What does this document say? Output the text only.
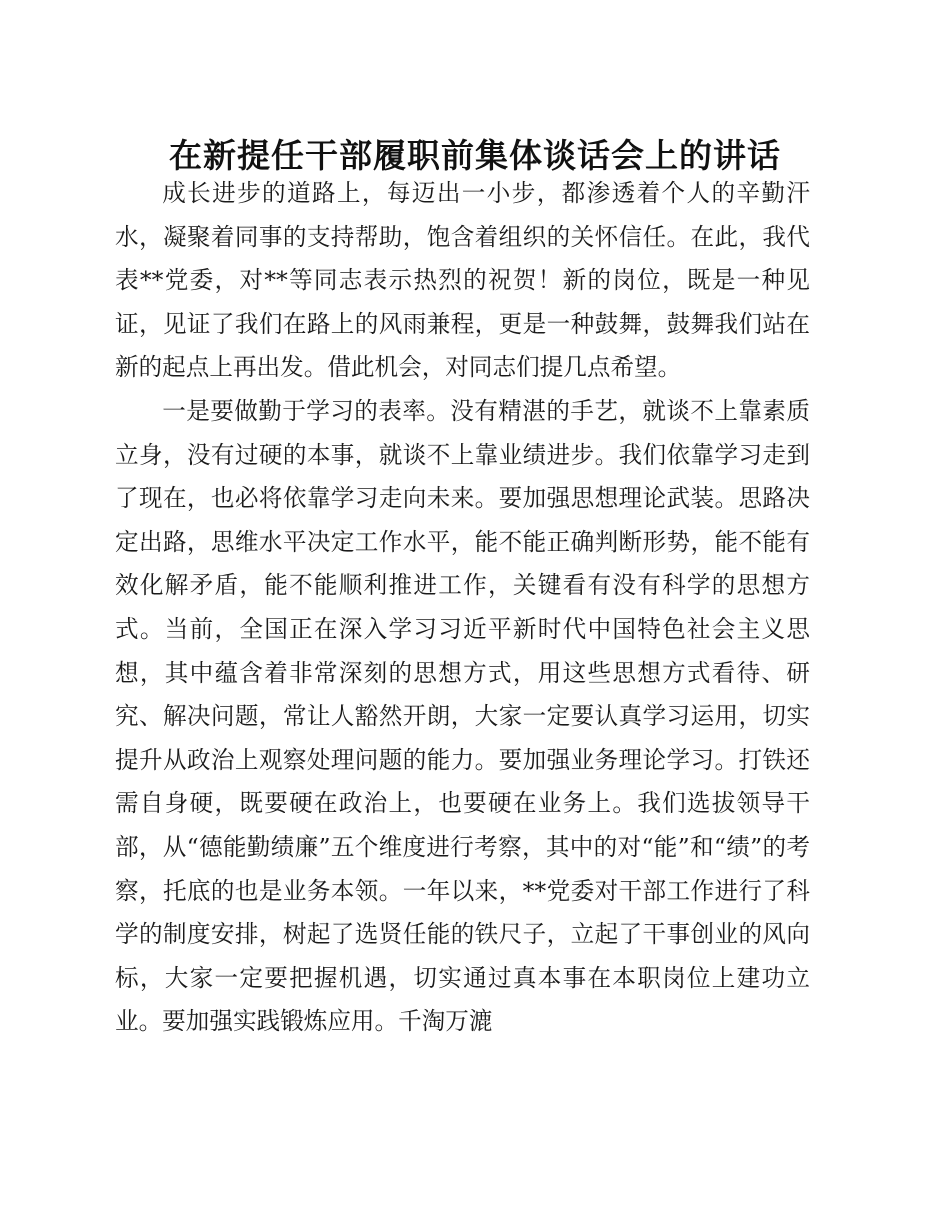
在新提任干部履职前集体谈话会上的讲话

成长进步的道路上，每迈出一小步，都渗透着个人的辛勤汗水，凝聚着同事的支持帮助，饱含着组织的关怀信任。在此，我代表**党委，对**等同志表示热烈的祝贺！新的岗位，既是一种见证，见证了我们在路上的风雨兼程，更是一种鼓舞，鼓舞我们站在新的起点上再出发。借此机会，对同志们提几点希望。

一是要做勤于学习的表率。没有精湛的手艺，就谈不上靠素质立身，没有过硬的本事，就谈不上靠业绩进步。我们依靠学习走到了现在，也必将依靠学习走向未来。要加强思想理论武装。思路决定出路，思维水平决定工作水平，能不能正确判断形势，能不能有效化解矛盾，能不能顺利推进工作，关键看有没有科学的思想方式。当前，全国正在深入学习习近平新时代中国特色社会主义思想，其中蕴含着非常深刻的思想方式，用这些思想方式看待、研究、解决问题，常让人豁然开朗，大家一定要认真学习运用，切实提升从政治上观察处理问题的能力。要加强业务理论学习。打铁还需自身硬，既要硬在政治上，也要硬在业务上。我们选拔领导干部，从“德能勤绩廉”五个维度进行考察，其中的对“能”和“绩”的考察，托底的也是业务本领。一年以来，**党委对干部工作进行了科学的制度安排，树起了选贤任能的铁尺子，立起了干事创业的风向标，大家一定要把握机遇，切实通过真本事在本职岗位上建功立业。要加强实践锻炼应用。千淘万漉
